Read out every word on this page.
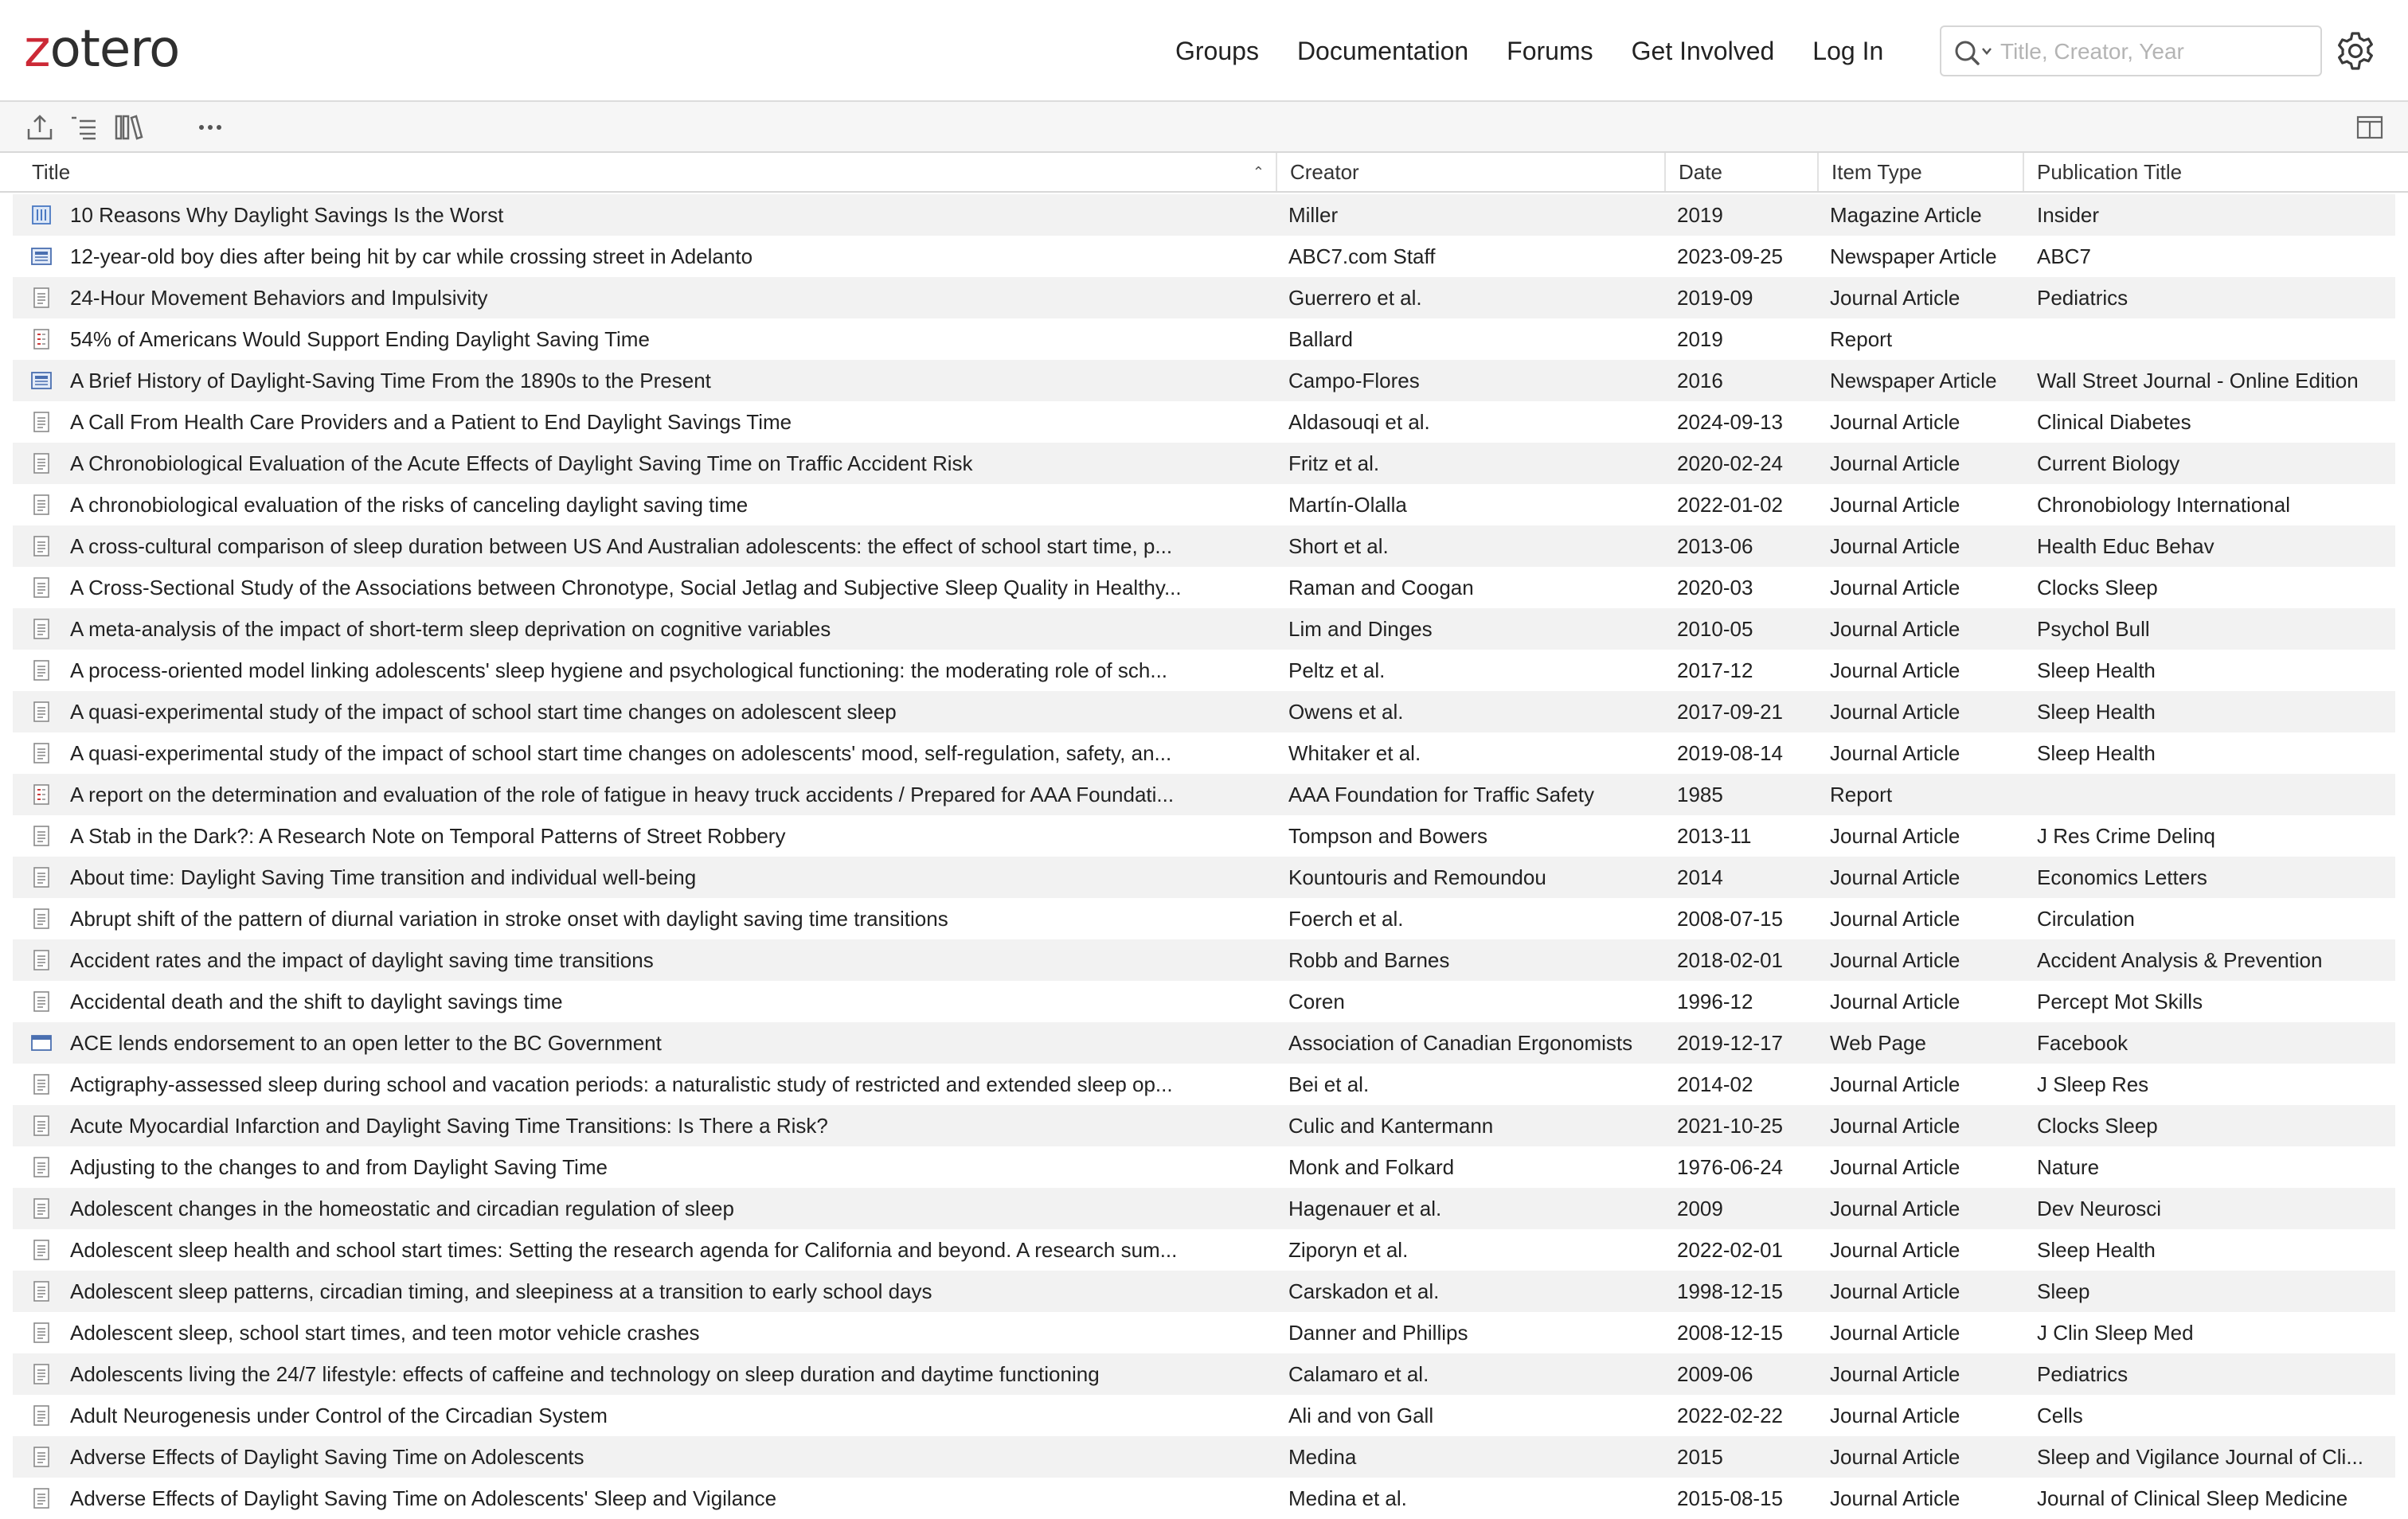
zotero	Groups Documentation Forums Get Involved Log In
Title, Creator, Year
Title	⌃	Creator	Date	Item Type	Publication Title
10 Reasons Why Daylight Savings Is the Worst	Miller	2019	Magazine Article	Insider
12-year-old boy dies after being hit by car while crossing street in Adelanto	ABC7.com Staff	2023-09-25	Newspaper Article	ABC7
24-Hour Movement Behaviors and Impulsivity	Guerrero et al.	2019-09	Journal Article	Pediatrics
54% of Americans Would Support Ending Daylight Saving Time	Ballard	2019	Report
A Brief History of Daylight-Saving Time From the 1890s to the Present	Campo-Flores	2016	Newspaper Article	Wall Street Journal - Online Edition
A Call From Health Care Providers and a Patient to End Daylight Savings Time	Aldasouqi et al.	2024-09-13	Journal Article	Clinical Diabetes
A Chronobiological Evaluation of the Acute Effects of Daylight Saving Time on Traffic Accident Risk	Fritz et al.	2020-02-24	Journal Article	Current Biology
A chronobiological evaluation of the risks of canceling daylight saving time	Martín-Olalla	2022-01-02	Journal Article	Chronobiology International
A cross-cultural comparison of sleep duration between US And Australian adolescents: the effect of school start time, p...	Short et al.	2013-06	Journal Article	Health Educ Behav
A Cross-Sectional Study of the Associations between Chronotype, Social Jetlag and Subjective Sleep Quality in Healthy...	Raman and Coogan	2020-03	Journal Article	Clocks Sleep
A meta-analysis of the impact of short-term sleep deprivation on cognitive variables	Lim and Dinges	2010-05	Journal Article	Psychol Bull
A process-oriented model linking adolescents' sleep hygiene and psychological functioning: the moderating role of sch...	Peltz et al.	2017-12	Journal Article	Sleep Health
A quasi-experimental study of the impact of school start time changes on adolescent sleep	Owens et al.	2017-09-21	Journal Article	Sleep Health
A quasi-experimental study of the impact of school start time changes on adolescents' mood, self-regulation, safety, an...	Whitaker et al.	2019-08-14	Journal Article	Sleep Health
A report on the determination and evaluation of the role of fatigue in heavy truck accidents / Prepared for AAA Foundati...	AAA Foundation for Traffic Safety	1985	Report
A Stab in the Dark?: A Research Note on Temporal Patterns of Street Robbery	Tompson and Bowers	2013-11	Journal Article	J Res Crime Delinq
About time: Daylight Saving Time transition and individual well-being	Kountouris and Remoundou	2014	Journal Article	Economics Letters
Abrupt shift of the pattern of diurnal variation in stroke onset with daylight saving time transitions	Foerch et al.	2008-07-15	Journal Article	Circulation
Accident rates and the impact of daylight saving time transitions	Robb and Barnes	2018-02-01	Journal Article	Accident Analysis & Prevention
Accidental death and the shift to daylight savings time	Coren	1996-12	Journal Article	Percept Mot Skills
ACE lends endorsement to an open letter to the BC Government	Association of Canadian Ergonomists	2019-12-17	Web Page	Facebook
Actigraphy-assessed sleep during school and vacation periods: a naturalistic study of restricted and extended sleep op...	Bei et al.	2014-02	Journal Article	J Sleep Res
Acute Myocardial Infarction and Daylight Saving Time Transitions: Is There a Risk?	Culic and Kantermann	2021-10-25	Journal Article	Clocks Sleep
Adjusting to the changes to and from Daylight Saving Time	Monk and Folkard	1976-06-24	Journal Article	Nature
Adolescent changes in the homeostatic and circadian regulation of sleep	Hagenauer et al.	2009	Journal Article	Dev Neurosci
Adolescent sleep health and school start times: Setting the research agenda for California and beyond. A research sum...	Ziporyn et al.	2022-02-01	Journal Article	Sleep Health
Adolescent sleep patterns, circadian timing, and sleepiness at a transition to early school days	Carskadon et al.	1998-12-15	Journal Article	Sleep
Adolescent sleep, school start times, and teen motor vehicle crashes	Danner and Phillips	2008-12-15	Journal Article	J Clin Sleep Med
Adolescents living the 24/7 lifestyle: effects of caffeine and technology on sleep duration and daytime functioning	Calamaro et al.	2009-06	Journal Article	Pediatrics
Adult Neurogenesis under Control of the Circadian System	Ali and von Gall	2022-02-22	Journal Article	Cells
Adverse Effects of Daylight Saving Time on Adolescents	Medina	2015	Journal Article	Sleep and Vigilance Journal of Cli...
Adverse Effects of Daylight Saving Time on Adolescents' Sleep and Vigilance	Medina et al.	2015-08-15	Journal Article	Journal of Clinical Sleep Medicine
